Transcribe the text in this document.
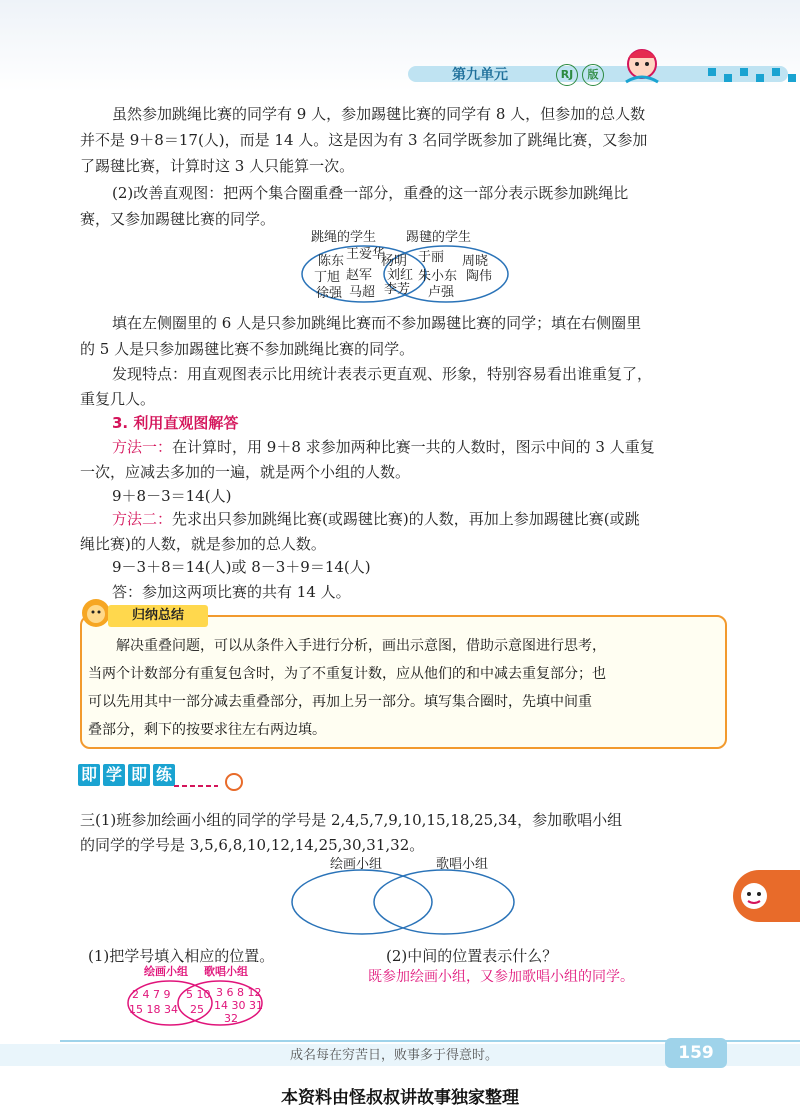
第九单元	RJ	版
虽然参加跳绳比赛的同学有 9 人，参加踢毽比赛的同学有 8 人，但参加的总人数
并不是 9＋8＝17(人)，而是 14 人。这是因为有 3 名同学既参加了跳绳比赛，又参加
了踢毽比赛，计算时这 3 人只能算一次。
(2)改善直观图：把两个集合圈重叠一部分，重叠的这一部分表示既参加跳绳比
赛，又参加踢毽比赛的同学。
跳绳的学生 踢毽的学生
陈东 王爱华
丁旭 赵军
徐强 马超
杨明
刘红
李芳
于丽 周晓
朱小东 陶伟
卢强
填在左侧圈里的 6 人是只参加跳绳比赛而不参加踢毽比赛的同学；填在右侧圈里
的 5 人是只参加踢毽比赛不参加跳绳比赛的同学。
发现特点：用直观图表示比用统计表表示更直观、形象，特别容易看出谁重复了，
重复几人。
3. 利用直观图解答
方法一：在计算时，用 9＋8 求参加两种比赛一共的人数时，图示中间的 3 人重复
一次，应减去多加的一遍，就是两个小组的人数。
9＋8－3＝14(人)
方法二：先求出只参加跳绳比赛(或踢毽比赛)的人数，再加上参加踢毽比赛(或跳
绳比赛)的人数，就是参加的总人数。
9－3＋8＝14(人)或 8－3＋9＝14(人)
答：参加这两项比赛的共有 14 人。
归纳总结
解决重叠问题，可以从条件入手进行分析，画出示意图，借助示意图进行思考，
当两个计数部分有重复包含时，为了不重复计数，应从他们的和中减去重复部分；也
可以先用其中一部分减去重叠部分，再加上另一部分。填写集合圈时，先填中间重
叠部分，剩下的按要求往左右两边填。
即 学 即 练
三(1)班参加绘画小组的同学的学号是 2,4,5,7,9,10,15,18,25,34，参加歌唱小组
的同学的学号是 3,5,6,8,10,12,14,25,30,31,32。
绘画小组	歌唱小组
(1)把学号填入相应的位置。	(2)中间的位置表示什么？
既参加绘画小组，又参加歌唱小组的同学。
绘画小组 歌唱小组
2 4 7 9
15 18 34
5 10
25
3 6 8 12
14 30 31
32
成名每在穷苦日，败事多于得意时。	159
本资料由怪叔叔讲故事独家整理
